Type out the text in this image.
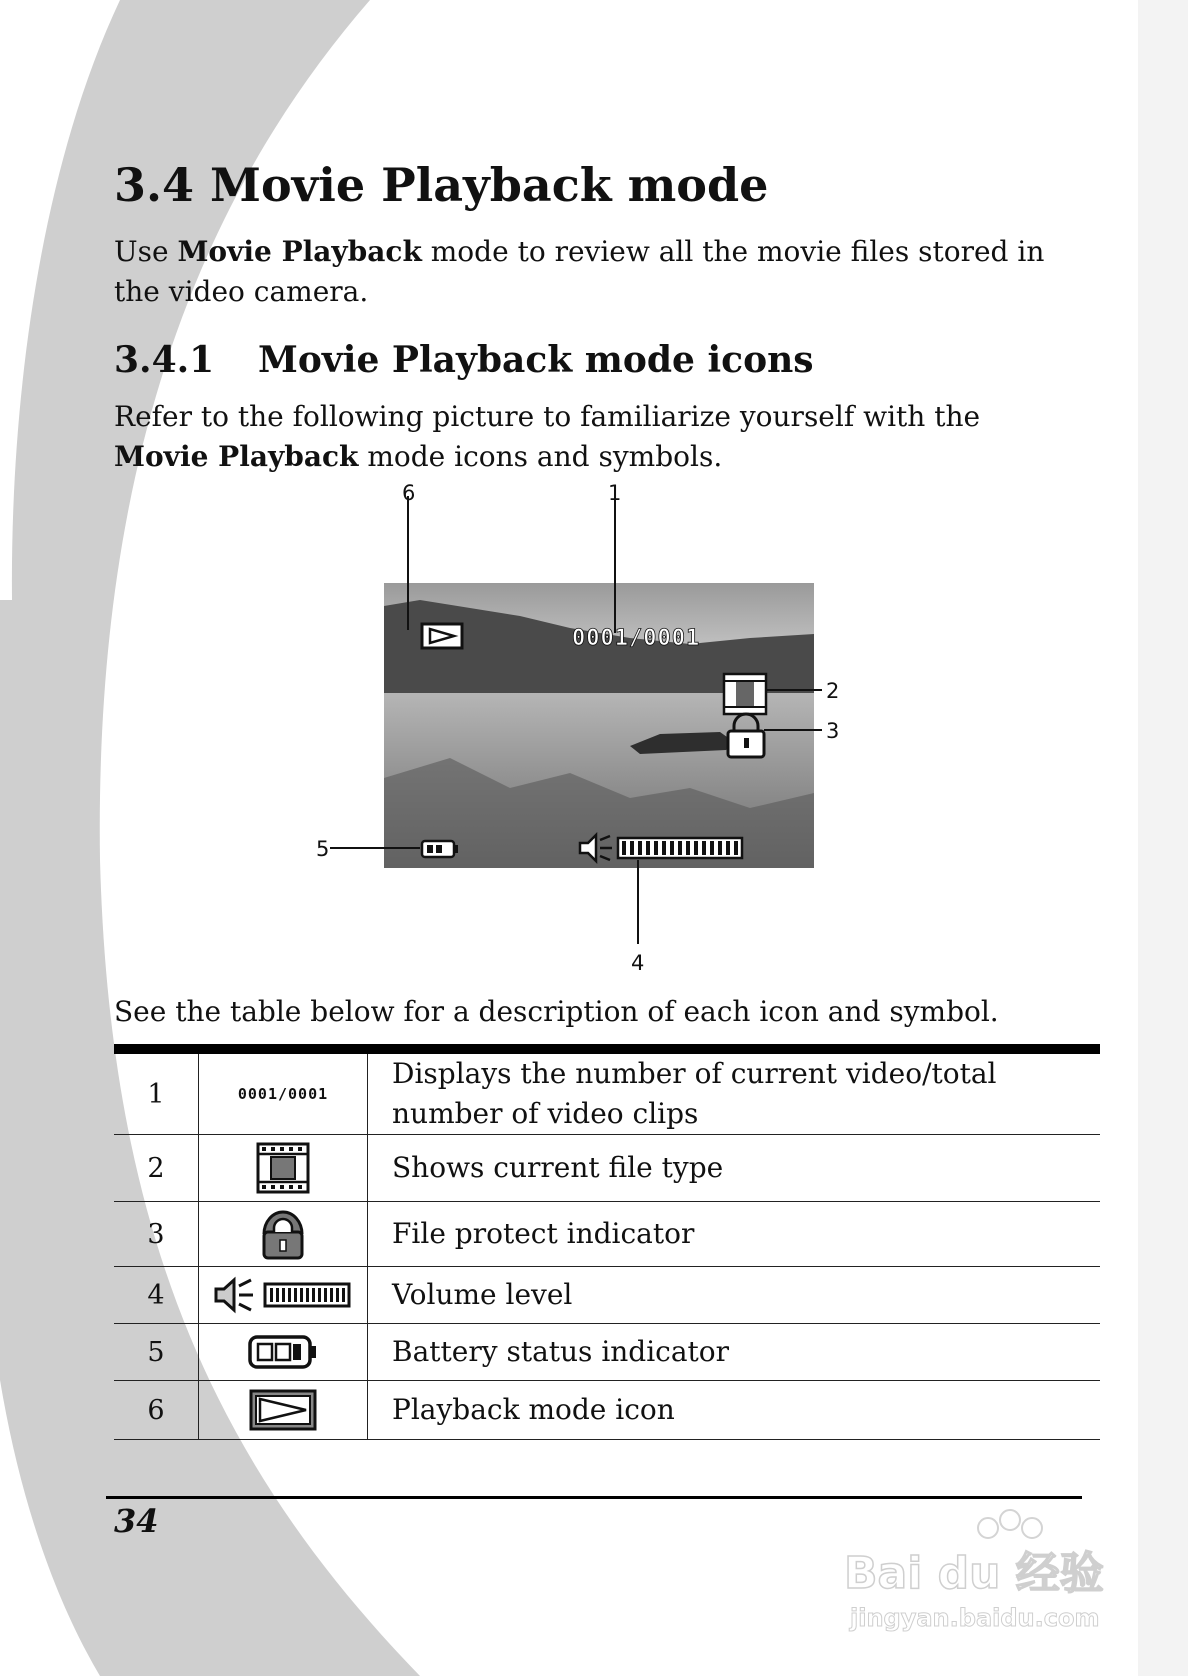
3.4 Movie Playback mode

Use Movie Playback mode to review all the movie files stored in the video camera.

3.4.1 Movie Playback mode icons

Refer to the following picture to familiarize yourself with the Movie Playback mode icons and symbols.

0001/0001
1
2
3
4
5
6

See the table below for a description of each icon and symbol.

1	0001/0001
Displays the number of current video/total number of video clips
2	Shows current file type
3	File protect indicator
4	Volume level
5	Battery status indicator
6	Playback mode icon
34
Bai du 经验
jingyan.baidu.com
